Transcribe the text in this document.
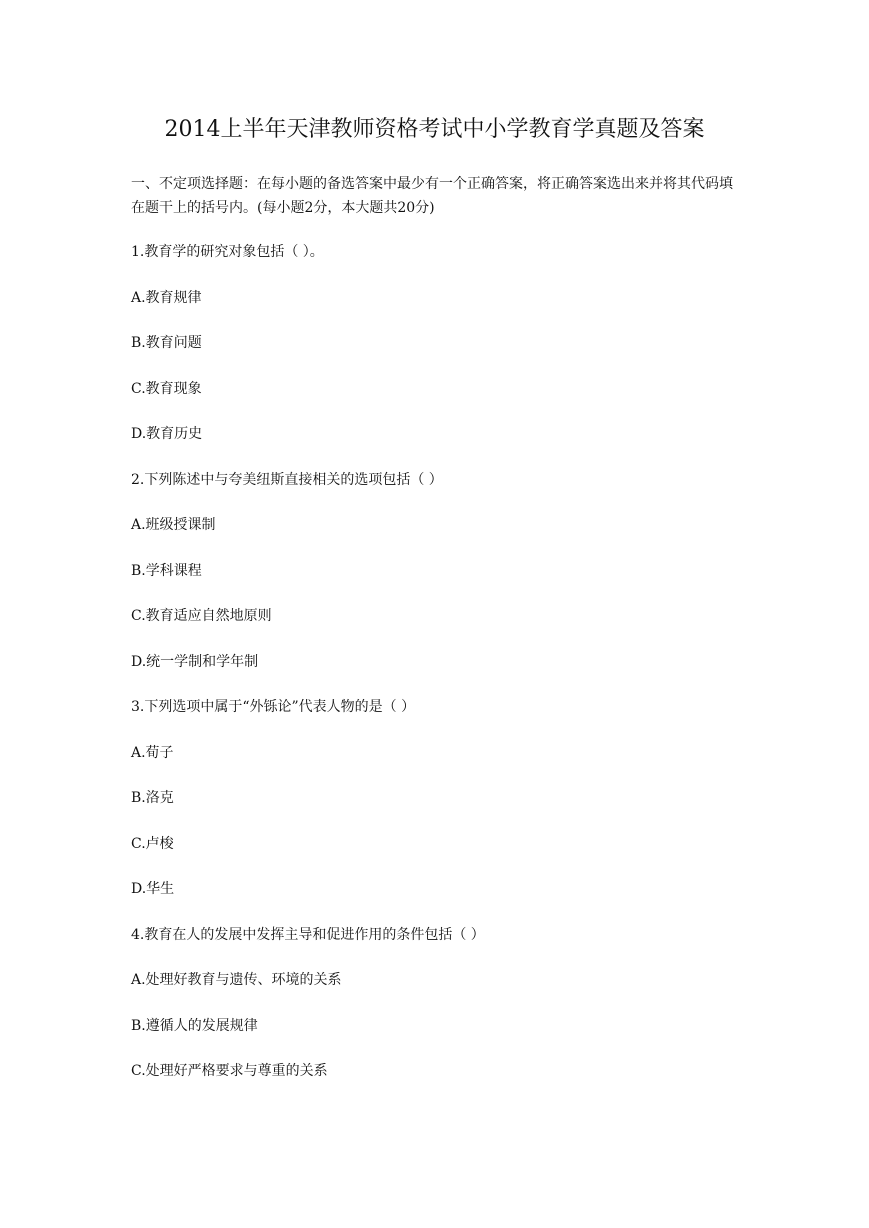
2014上半年天津教师资格考试中小学教育学真题及答案

一、不定项选择题：在每小题的备选答案中最少有一个正确答案，将正确答案选出来并将其代码填在题干上的括号内。(每小题2分，本大题共20分)

1.教育学的研究对象包括（ ）。
A.教育规律
B.教育问题
C.教育现象
D.教育历史
2.下列陈述中与夸美纽斯直接相关的选项包括（ ）
A.班级授课制
B.学科课程
C.教育适应自然地原则
D.统一学制和学年制
3.下列选项中属于“外铄论”代表人物的是（ ）
A.荀子
B.洛克
C.卢梭
D.华生
4.教育在人的发展中发挥主导和促进作用的条件包括（ ）
A.处理好教育与遗传、环境的关系
B.遵循人的发展规律
C.处理好严格要求与尊重的关系
